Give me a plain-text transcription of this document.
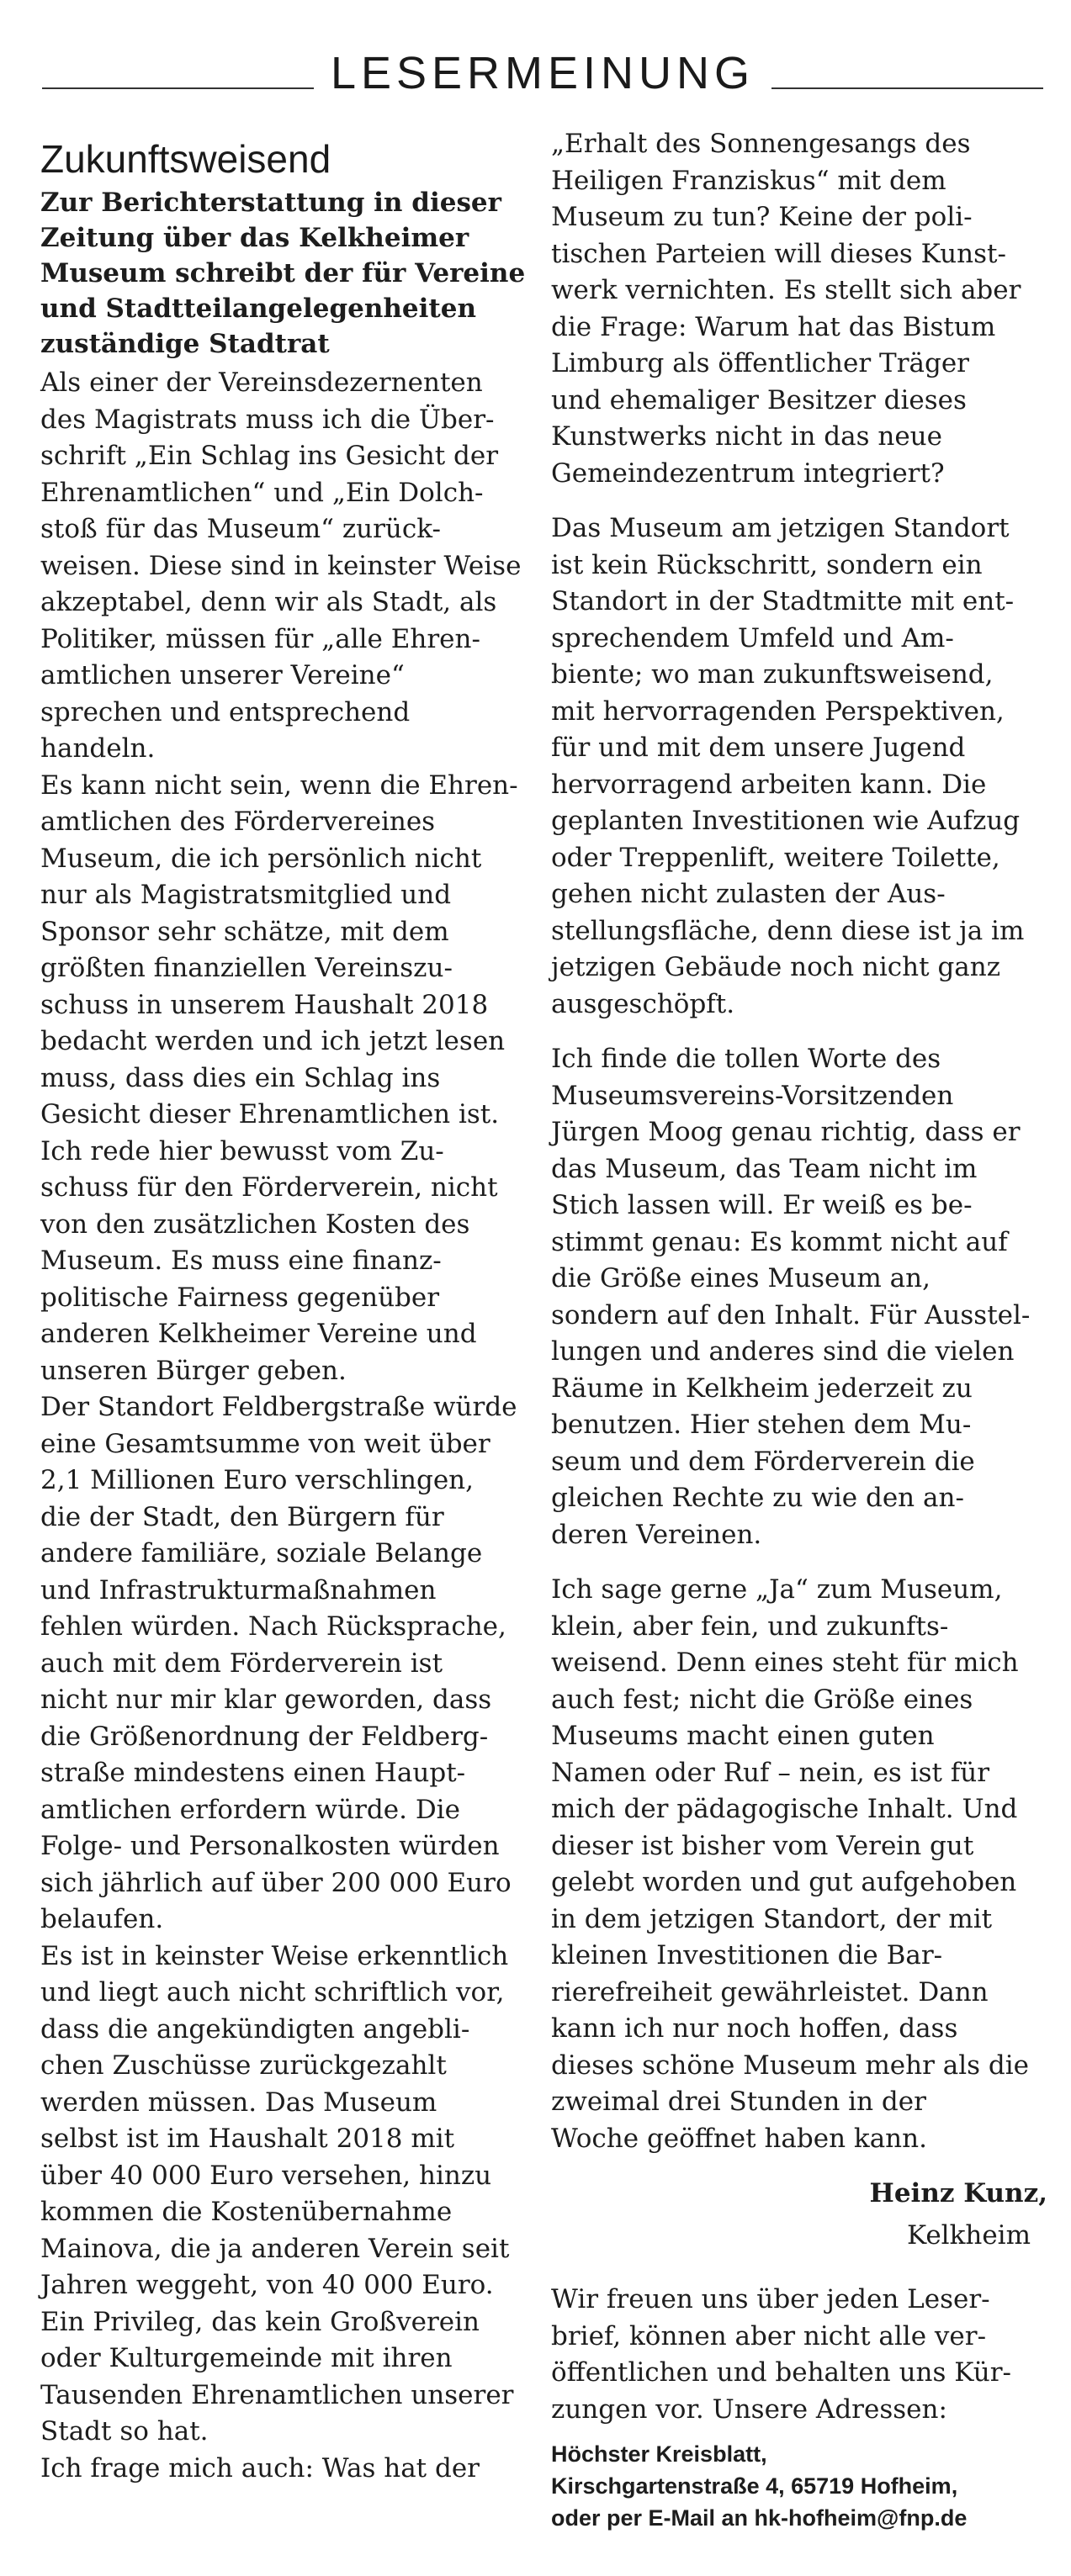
LESERMEINUNG
Zukunftsweisend
Zur Berichterstattung in dieser
Zeitung über das Kelkheimer
Museum schreibt der für Vereine
und Stadtteilangelegenheiten
zuständige Stadtrat
Als einer der Vereinsdezernenten
des Magistrats muss ich die Über-
schrift „Ein Schlag ins Gesicht der
Ehrenamtlichen“ und „Ein Dolch-
stoß für das Museum“ zurück-
weisen. Diese sind in keinster Weise
akzeptabel, denn wir als Stadt, als
Politiker, müssen für „alle Ehren-
amtlichen unserer Vereine“
sprechen und entsprechend
handeln.
Es kann nicht sein, wenn die Ehren-
amtlichen des Fördervereines
Museum, die ich persönlich nicht
nur als Magistratsmitglied und
Sponsor sehr schätze, mit dem
größten finanziellen Vereinszu-
schuss in unserem Haushalt 2018
bedacht werden und ich jetzt lesen
muss, dass dies ein Schlag ins
Gesicht dieser Ehrenamtlichen ist.
Ich rede hier bewusst vom Zu-
schuss für den Förderverein, nicht
von den zusätzlichen Kosten des
Museum. Es muss eine finanz-
politische Fairness gegenüber
anderen Kelkheimer Vereine und
unseren Bürger geben.
Der Standort Feldbergstraße würde
eine Gesamtsumme von weit über
2,1 Millionen Euro verschlingen,
die der Stadt, den Bürgern für
andere familiäre, soziale Belange
und Infrastrukturmaßnahmen
fehlen würden. Nach Rücksprache,
auch mit dem Förderverein ist
nicht nur mir klar geworden, dass
die Größenordnung der Feldberg-
straße mindestens einen Haupt-
amtlichen erfordern würde. Die
Folge- und Personalkosten würden
sich jährlich auf über 200 000 Euro
belaufen.
Es ist in keinster Weise erkenntlich
und liegt auch nicht schriftlich vor,
dass die angekündigten angebli-
chen Zuschüsse zurückgezahlt
werden müssen. Das Museum
selbst ist im Haushalt 2018 mit
über 40 000 Euro versehen, hinzu
kommen die Kostenübernahme
Mainova, die ja anderen Verein seit
Jahren weggeht, von 40 000 Euro.
Ein Privileg, das kein Großverein
oder Kulturgemeinde mit ihren
Tausenden Ehrenamtlichen unserer
Stadt so hat.
Ich frage mich auch: Was hat der
„Erhalt des Sonnengesangs des
Heiligen Franziskus“ mit dem
Museum zu tun? Keine der poli-
tischen Parteien will dieses Kunst-
werk vernichten. Es stellt sich aber
die Frage: Warum hat das Bistum
Limburg als öffentlicher Träger
und ehemaliger Besitzer dieses
Kunstwerks nicht in das neue
Gemeindezentrum integriert?
Das Museum am jetzigen Standort
ist kein Rückschritt, sondern ein
Standort in der Stadtmitte mit ent-
sprechendem Umfeld und Am-
biente; wo man zukunftsweisend,
mit hervorragenden Perspektiven,
für und mit dem unsere Jugend
hervorragend arbeiten kann. Die
geplanten Investitionen wie Aufzug
oder Treppenlift, weitere Toilette,
gehen nicht zulasten der Aus-
stellungsfläche, denn diese ist ja im
jetzigen Gebäude noch nicht ganz
ausgeschöpft.
Ich finde die tollen Worte des
Museumsvereins-Vorsitzenden
Jürgen Moog genau richtig, dass er
das Museum, das Team nicht im
Stich lassen will. Er weiß es be-
stimmt genau: Es kommt nicht auf
die Größe eines Museum an,
sondern auf den Inhalt. Für Ausstel-
lungen und anderes sind die vielen
Räume in Kelkheim jederzeit zu
benutzen. Hier stehen dem Mu-
seum und dem Förderverein die
gleichen Rechte zu wie den an-
deren Vereinen.
Ich sage gerne „Ja“ zum Museum,
klein, aber fein, und zukunfts-
weisend. Denn eines steht für mich
auch fest; nicht die Größe eines
Museums macht einen guten
Namen oder Ruf – nein, es ist für
mich der pädagogische Inhalt. Und
dieser ist bisher vom Verein gut
gelebt worden und gut aufgehoben
in dem jetzigen Standort, der mit
kleinen Investitionen die Bar-
rierefreiheit gewährleistet. Dann
kann ich nur noch hoffen, dass
dieses schöne Museum mehr als die
zweimal drei Stunden in der
Woche geöffnet haben kann.
Heinz Kunz,
Kelkheim
Wir freuen uns über jeden Leser-
brief, können aber nicht alle ver-
öffentlichen und behalten uns Kür-
zungen vor. Unsere Adressen:
Höchster Kreisblatt,
Kirschgartenstraße 4, 65719 Hofheim,
oder per E-Mail an hk-hofheim@fnp.de
